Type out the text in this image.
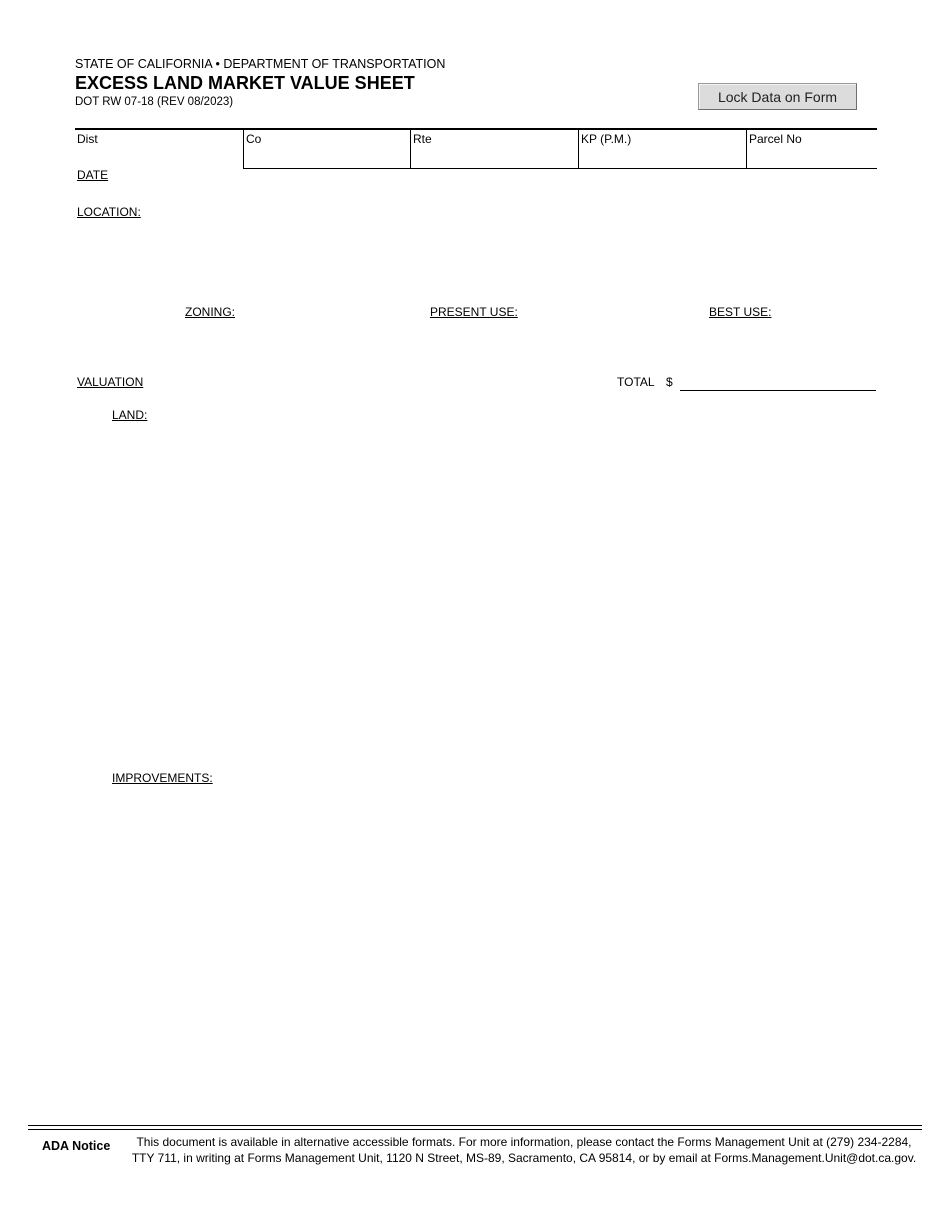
STATE OF CALIFORNIA • DEPARTMENT OF TRANSPORTATION
EXCESS LAND MARKET VALUE SHEET
DOT RW 07-18 (REV 08/2023)	Lock Data on Form
Dist	Co	Rte	KP (P.M.)	Parcel No
DATE
LOCATION:
ZONING:	PRESENT USE:	BEST USE:
VALUATION	TOTAL $
LAND:
IMPROVEMENTS:
ADA Notice	This document is available in alternative accessible formats. For more information, please contact the Forms Management Unit at (279) 234-2284,
TTY 711, in writing at Forms Management Unit, 1120 N Street, MS-89, Sacramento, CA 95814, or by email at Forms.Management.Unit@dot.ca.gov.
